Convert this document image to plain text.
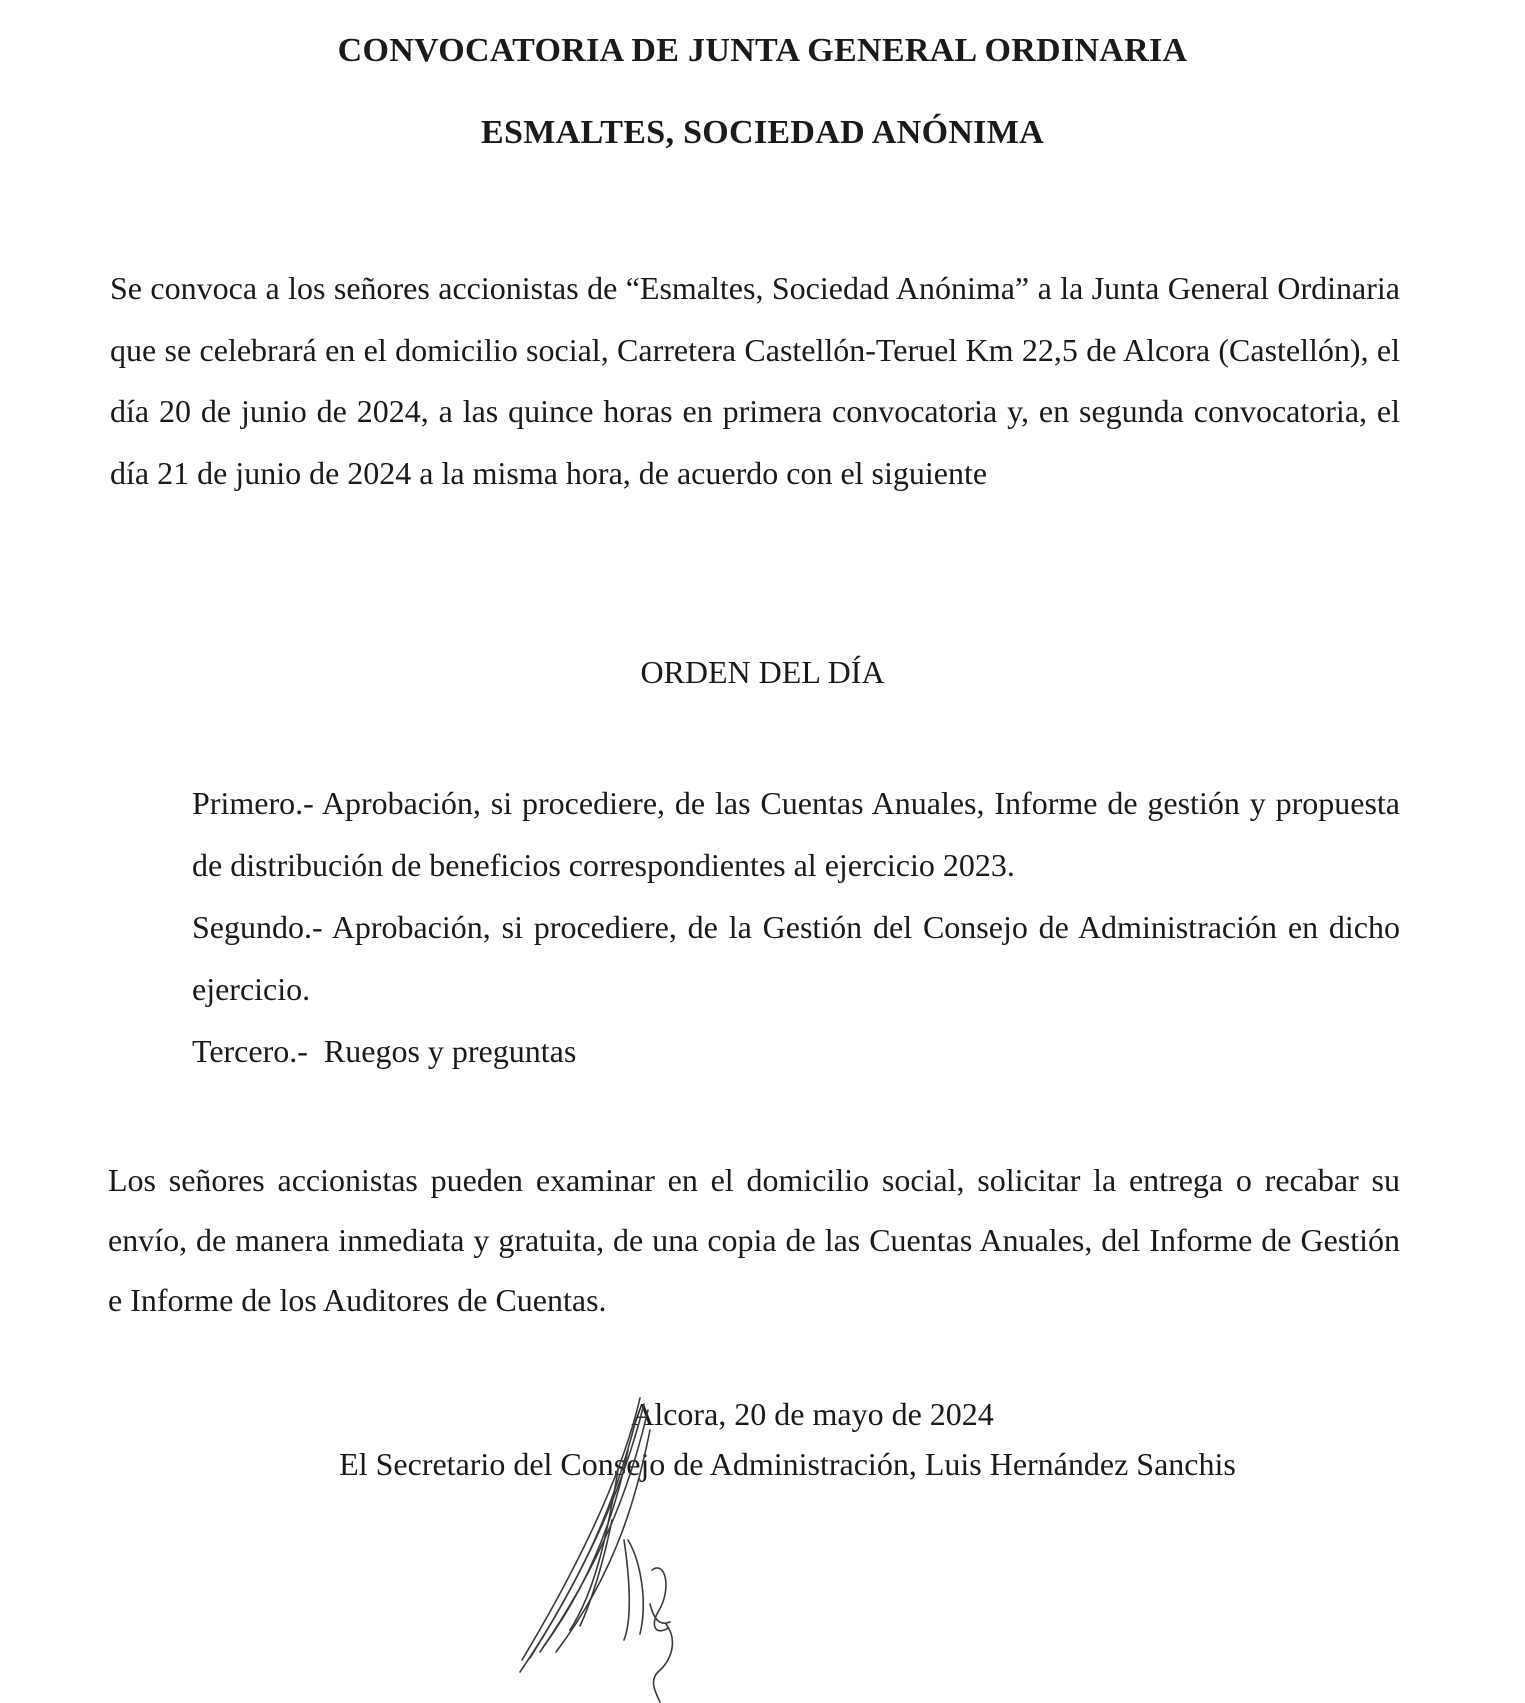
CONVOCATORIA DE JUNTA GENERAL ORDINARIA
ESMALTES, SOCIEDAD ANÓNIMA

Se convoca a los señores accionistas de “Esmaltes, Sociedad Anónima” a la Junta General Ordinaria que se celebrará en el domicilio social, Carretera Castellón-Teruel Km 22,5 de Alcora (Castellón), el día 20 de junio de 2024, a las quince horas en primera convocatoria y, en segunda convocatoria, el día 21 de junio de 2024 a la misma hora, de acuerdo con el siguiente

ORDEN DEL DÍA

Primero.- Aprobación, si procediere, de las Cuentas Anuales, Informe de gestión y propuesta de distribución de beneficios correspondientes al ejercicio 2023.
Segundo.- Aprobación, si procediere, de la Gestión del Consejo de Administración en dicho ejercicio.
Tercero.-  Ruegos y preguntas

Los señores accionistas pueden examinar en el domicilio social, solicitar la entrega o recabar su envío, de manera inmediata y gratuita, de una copia de las Cuentas Anuales, del Informe de Gestión e Informe de los Auditores de Cuentas.

Alcora, 20 de mayo de 2024

El Secretario del Consejo de Administración, Luis Hernández Sanchis
